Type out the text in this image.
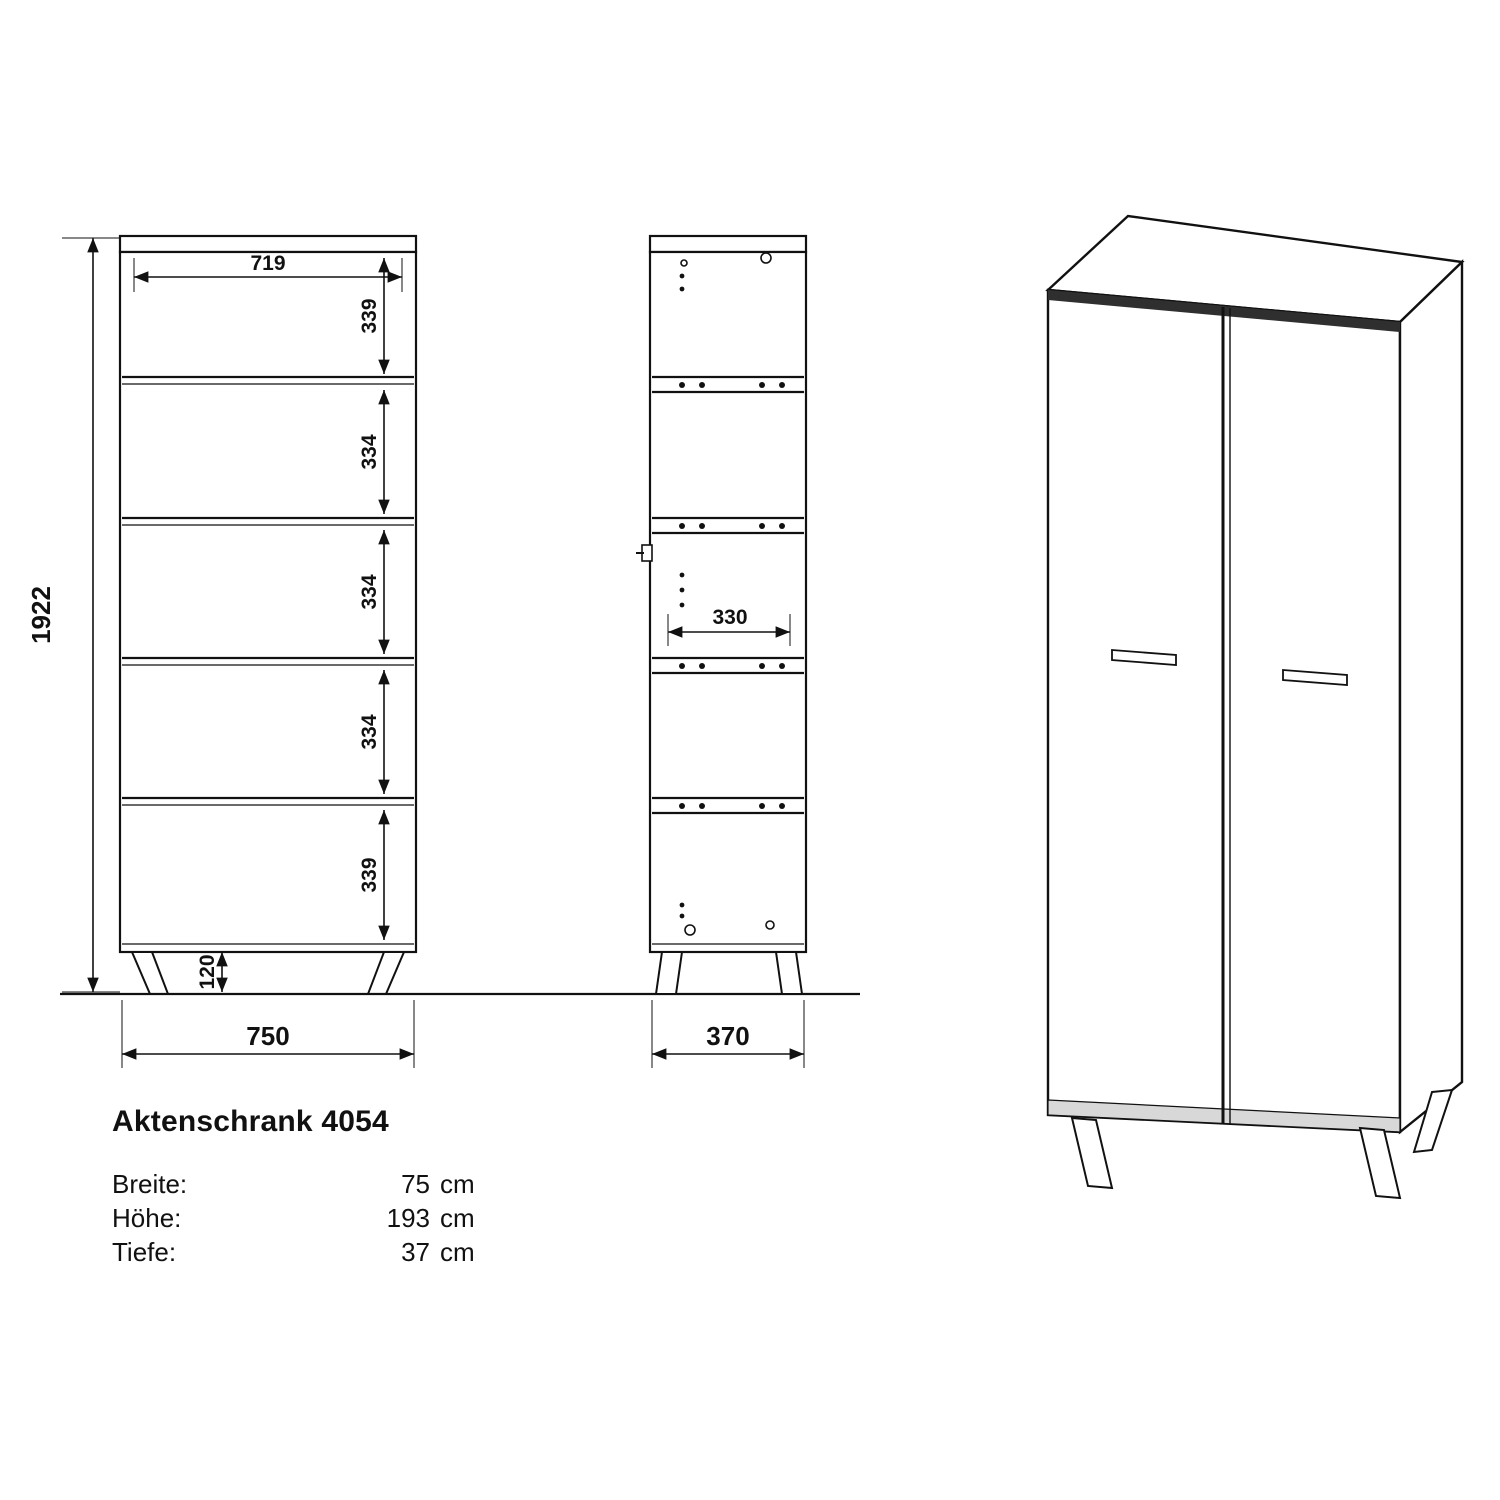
1922
719
339
334
334
334
339
120
750
330
370
Aktenschrank 4054
Breite:	75 cm
Höhe:	193 cm
Tiefe:	37 cm
